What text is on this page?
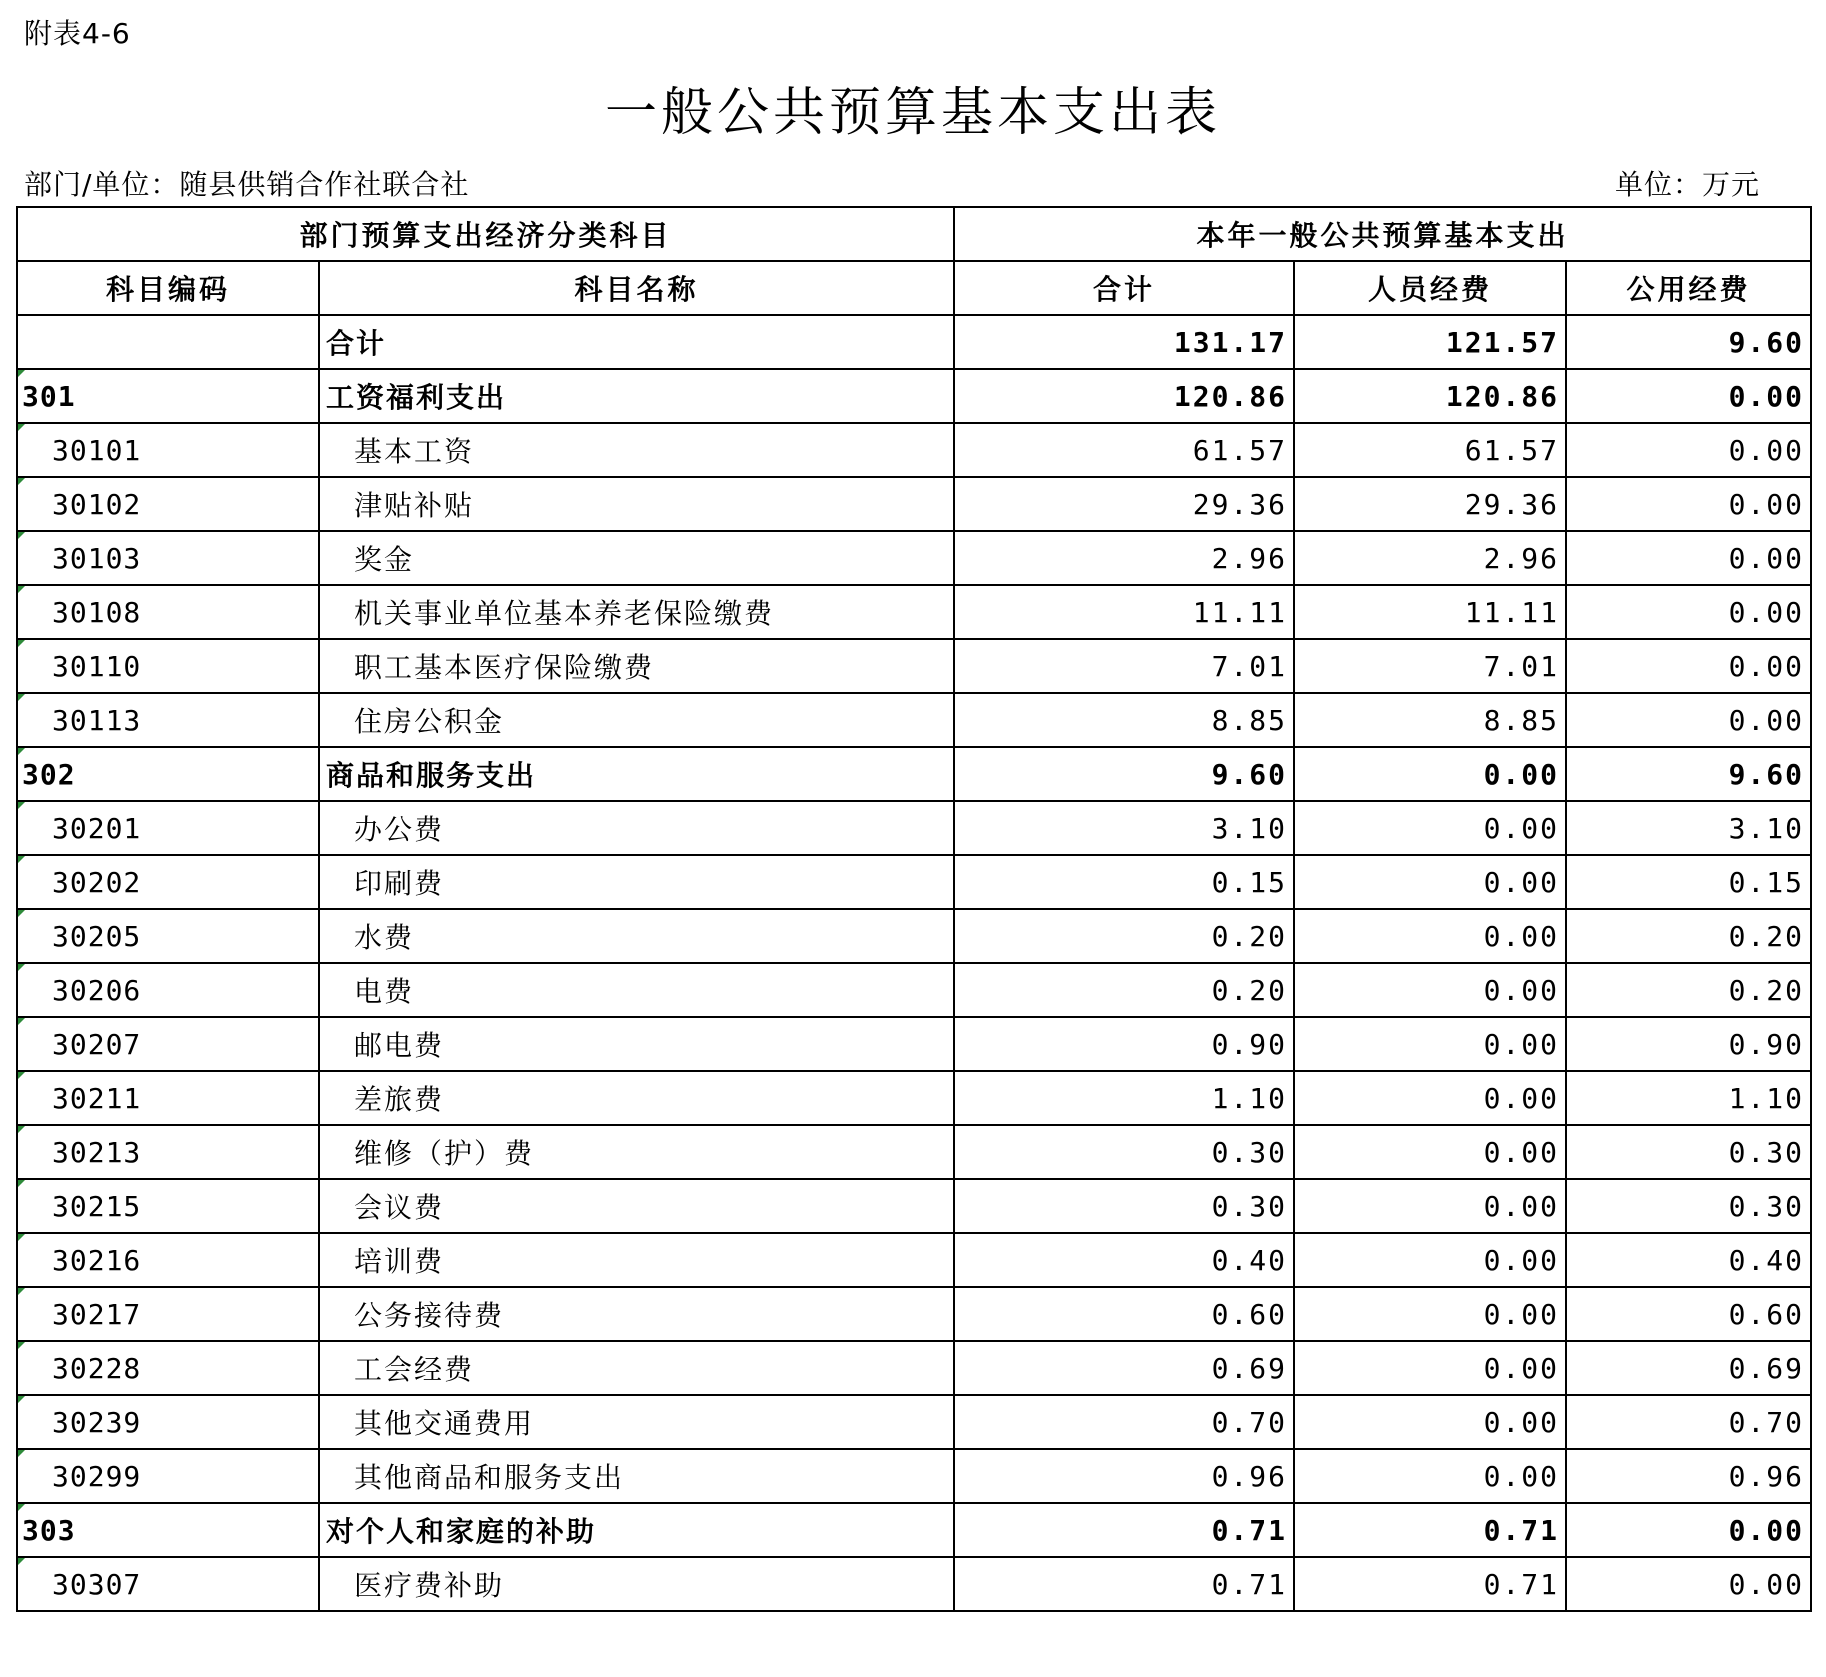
附表4-6
一般公共预算基本支出表
部门/单位：随县供销合作社联合社	单位：万元
部门预算支出经济分类科目		本年一般公共预算基本支出		
科目编码	科目名称	合计	人员经费	公用经费
	合计	131.17	121.57	9.60
301	工资福利支出	120.86	120.86	0.00
30101	基本工资	61.57	61.57	0.00
30102	津贴补贴	29.36	29.36	0.00
30103	奖金	2.96	2.96	0.00
30108	机关事业单位基本养老保险缴费	11.11	11.11	0.00
30110	职工基本医疗保险缴费	7.01	7.01	0.00
30113	住房公积金	8.85	8.85	0.00
302	商品和服务支出	9.60	0.00	9.60
30201	办公费	3.10	0.00	3.10
30202	印刷费	0.15	0.00	0.15
30205	水费	0.20	0.00	0.20
30206	电费	0.20	0.00	0.20
30207	邮电费	0.90	0.00	0.90
30211	差旅费	1.10	0.00	1.10
30213	维修（护）费	0.30	0.00	0.30
30215	会议费	0.30	0.00	0.30
30216	培训费	0.40	0.00	0.40
30217	公务接待费	0.60	0.00	0.60
30228	工会经费	0.69	0.00	0.69
30239	其他交通费用	0.70	0.00	0.70
30299	其他商品和服务支出	0.96	0.00	0.96
303	对个人和家庭的补助	0.71	0.71	0.00
30307	医疗费补助	0.71	0.71	0.00
